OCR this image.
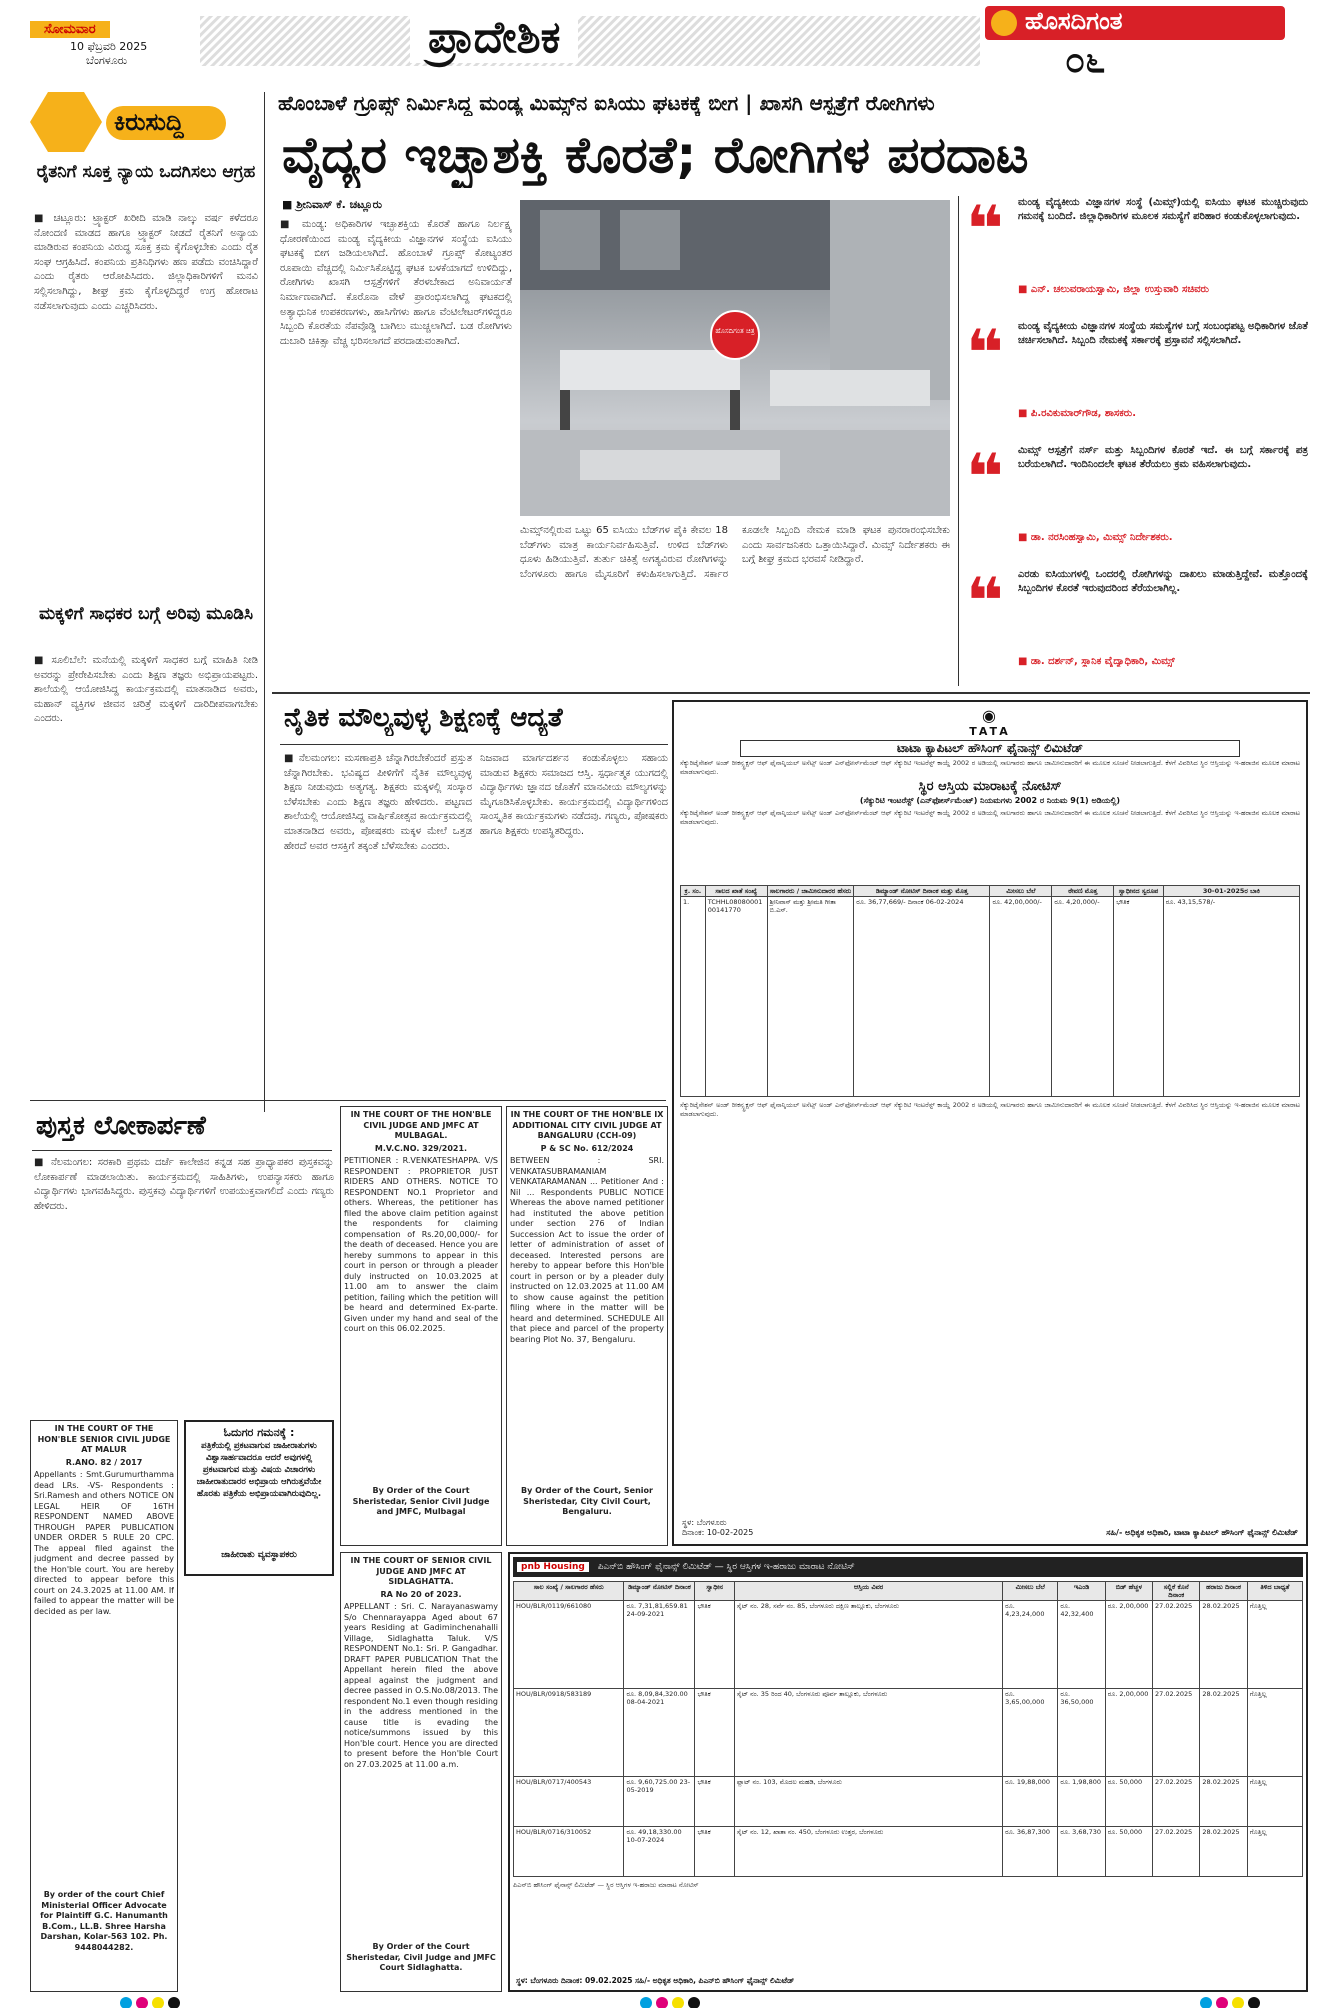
ಸೋಮವಾರ
10 ಫೆಬ್ರವರಿ 2025
ಬೆಂಗಳೂರು	ಪ್ರಾದೇಶಿಕ	ಹೊಸದಿಗಂತ
೦೬
ಕಿರುಸುದ್ದಿ
ರೈತನಿಗೆ ಸೂಕ್ತ ನ್ಯಾಯ ಒದಗಿಸಲು ಆಗ್ರಹ
■ ಚಟ್ಲೂರು: ಟ್ರ್ಯಾಕ್ಟರ್ ಖರೀದಿ ಮಾಡಿ ನಾಲ್ಕು ವರ್ಷ ಕಳೆದರೂ ನೋಂದಣಿ ಮಾಡದ ಹಾಗೂ ಟ್ರ್ಯಾಕ್ಟರ್ ನೀಡದೆ ರೈತನಿಗೆ ಅನ್ಯಾಯ ಮಾಡಿರುವ ಕಂಪನಿಯ ವಿರುದ್ಧ ಸೂಕ್ತ ಕ್ರಮ ಕೈಗೊಳ್ಳಬೇಕು ಎಂದು ರೈತ ಸಂಘ ಆಗ್ರಹಿಸಿದೆ. ಕಂಪನಿಯ ಪ್ರತಿನಿಧಿಗಳು ಹಣ ಪಡೆದು ವಂಚಿಸಿದ್ದಾರೆ ಎಂದು ರೈತರು ಆರೋಪಿಸಿದರು. ಜಿಲ್ಲಾಧಿಕಾರಿಗಳಿಗೆ ಮನವಿ ಸಲ್ಲಿಸಲಾಗಿದ್ದು, ಶೀಘ್ರ ಕ್ರಮ ಕೈಗೊಳ್ಳದಿದ್ದರೆ ಉಗ್ರ ಹೋರಾಟ ನಡೆಸಲಾಗುವುದು ಎಂದು ಎಚ್ಚರಿಸಿದರು.
ಮಕ್ಕಳಿಗೆ ಸಾಧಕರ ಬಗ್ಗೆ ಅರಿವು ಮೂಡಿಸಿ
■ ಸೂಲಿಬೆಲೆ: ಮನೆಯಲ್ಲಿ ಮಕ್ಕಳಿಗೆ ಸಾಧಕರ ಬಗ್ಗೆ ಮಾಹಿತಿ ನೀಡಿ ಅವರನ್ನು ಪ್ರೇರೇಪಿಸಬೇಕು ಎಂದು ಶಿಕ್ಷಣ ತಜ್ಞರು ಅಭಿಪ್ರಾಯಪಟ್ಟರು. ಶಾಲೆಯಲ್ಲಿ ಆಯೋಜಿಸಿದ್ದ ಕಾರ್ಯಕ್ರಮದಲ್ಲಿ ಮಾತನಾಡಿದ ಅವರು, ಮಹಾನ್ ವ್ಯಕ್ತಿಗಳ ಜೀವನ ಚರಿತ್ರೆ ಮಕ್ಕಳಿಗೆ ದಾರಿದೀಪವಾಗಬೇಕು ಎಂದರು.
ಹೊಂಬಾಳೆ ಗ್ರೂಪ್ಸ್ ನಿರ್ಮಿಸಿದ್ದ ಮಂಡ್ಯ ಮಿಮ್ಸ್‌ನ ಐಸಿಯು ಘಟಕಕ್ಕೆ ಬೀಗ | ಖಾಸಗಿ ಆಸ್ಪತ್ರೆಗೆ ರೋಗಿಗಳು
ವೈದ್ಯರ ಇಚ್ಛಾಶಕ್ತಿ ಕೊರತೆ; ರೋಗಿಗಳ ಪರದಾಟ
■ ಶ್ರೀನಿವಾಸ್ ಕೆ. ಚಟ್ಲೂರು
■ ಮಂಡ್ಯ: ಅಧಿಕಾರಿಗಳ ಇಚ್ಛಾಶಕ್ತಿಯ ಕೊರತೆ ಹಾಗೂ ನಿರ್ಲಕ್ಷ್ಯ ಧೋರಣೆಯಿಂದ ಮಂಡ್ಯ ವೈದ್ಯಕೀಯ ವಿಜ್ಞಾನಗಳ ಸಂಸ್ಥೆಯ ಐಸಿಯು ಘಟಕಕ್ಕೆ ಬೀಗ ಜಡಿಯಲಾಗಿದೆ. ಹೊಂಬಾಳೆ ಗ್ರೂಪ್ಸ್ ಕೋಟ್ಯಂತರ ರೂಪಾಯಿ ವೆಚ್ಚದಲ್ಲಿ ನಿರ್ಮಿಸಿಕೊಟ್ಟಿದ್ದ ಘಟಕ ಬಳಕೆಯಾಗದೆ ಉಳಿದಿದ್ದು, ರೋಗಿಗಳು ಖಾಸಗಿ ಆಸ್ಪತ್ರೆಗಳಿಗೆ ತೆರಳಬೇಕಾದ ಅನಿವಾರ್ಯತೆ ನಿರ್ಮಾಣವಾಗಿದೆ. ಕೊರೊನಾ ವೇಳೆ ಪ್ರಾರಂಭಿಸಲಾಗಿದ್ದ ಘಟಕದಲ್ಲಿ ಅತ್ಯಾಧುನಿಕ ಉಪಕರಣಗಳು, ಹಾಸಿಗೆಗಳು ಹಾಗೂ ವೆಂಟಿಲೇಟರ್‌ಗಳಿದ್ದರೂ ಸಿಬ್ಬಂದಿ ಕೊರತೆಯ ನೆಪವೊಡ್ಡಿ ಬಾಗಿಲು ಮುಚ್ಚಲಾಗಿದೆ. ಬಡ ರೋಗಿಗಳು ದುಬಾರಿ ಚಿಕಿತ್ಸಾ ವೆಚ್ಚ ಭರಿಸಲಾಗದೆ ಪರದಾಡುವಂತಾಗಿದೆ.
ಹೊಸದಿಗಂತ ಚಿತ್ರ
ಮಿಮ್ಸ್‌ನಲ್ಲಿರುವ ಒಟ್ಟು 65 ಐಸಿಯು ಬೆಡ್‌ಗಳ ಪೈಕಿ ಕೇವಲ 18 ಬೆಡ್‌ಗಳು ಮಾತ್ರ ಕಾರ್ಯನಿರ್ವಹಿಸುತ್ತಿವೆ. ಉಳಿದ ಬೆಡ್‌ಗಳು ಧೂಳು ಹಿಡಿಯುತ್ತಿವೆ. ತುರ್ತು ಚಿಕಿತ್ಸೆ ಅಗತ್ಯವಿರುವ ರೋಗಿಗಳನ್ನು ಬೆಂಗಳೂರು ಹಾಗೂ ಮೈಸೂರಿಗೆ ಕಳುಹಿಸಲಾಗುತ್ತಿದೆ. ಸರ್ಕಾರ ಕೂಡಲೇ ಸಿಬ್ಬಂದಿ ನೇಮಕ ಮಾಡಿ ಘಟಕ ಪುನರಾರಂಭಿಸಬೇಕು ಎಂದು ಸಾರ್ವಜನಿಕರು ಒತ್ತಾಯಿಸಿದ್ದಾರೆ. ಮಿಮ್ಸ್ ನಿರ್ದೇಶಕರು ಈ ಬಗ್ಗೆ ಶೀಘ್ರ ಕ್ರಮದ ಭರವಸೆ ನೀಡಿದ್ದಾರೆ.
❝ ಮಂಡ್ಯ ವೈದ್ಯಕೀಯ ವಿಜ್ಞಾನಗಳ ಸಂಸ್ಥೆ (ಮಿಮ್ಸ್)ಯಲ್ಲಿ ಐಸಿಯು ಘಟಕ ಮುಚ್ಚಿರುವುದು ಗಮನಕ್ಕೆ ಬಂದಿದೆ. ಜಿಲ್ಲಾಧಿಕಾರಿಗಳ ಮೂಲಕ ಸಮಸ್ಯೆಗೆ ಪರಿಹಾರ ಕಂಡುಕೊಳ್ಳಲಾಗುವುದು.
■ ಎನ್. ಚಲುವರಾಯಸ್ವಾಮಿ, ಜಿಲ್ಲಾ ಉಸ್ತುವಾರಿ ಸಚಿವರು
❝ ಮಂಡ್ಯ ವೈದ್ಯಕೀಯ ವಿಜ್ಞಾನಗಳ ಸಂಸ್ಥೆಯ ಸಮಸ್ಯೆಗಳ ಬಗ್ಗೆ ಸಂಬಂಧಪಟ್ಟ ಅಧಿಕಾರಿಗಳ ಜೊತೆ ಚರ್ಚಿಸಲಾಗಿದೆ. ಸಿಬ್ಬಂದಿ ನೇಮಕಕ್ಕೆ ಸರ್ಕಾರಕ್ಕೆ ಪ್ರಸ್ತಾವನೆ ಸಲ್ಲಿಸಲಾಗಿದೆ.
■ ಪಿ.ರವಿಕುಮಾರ್‌ಗೌಡ, ಶಾಸಕರು.
❝ ಮಿಮ್ಸ್ ಆಸ್ಪತ್ರೆಗೆ ನರ್ಸ್ ಮತ್ತು ಸಿಬ್ಬಂದಿಗಳ ಕೊರತೆ ಇದೆ. ಈ ಬಗ್ಗೆ ಸರ್ಕಾರಕ್ಕೆ ಪತ್ರ ಬರೆಯಲಾಗಿದೆ. ಇಂದಿನಿಂದಲೇ ಘಟಕ ತೆರೆಯಲು ಕ್ರಮ ವಹಿಸಲಾಗುವುದು.
■ ಡಾ. ನರಸಿಂಹಸ್ವಾಮಿ, ಮಿಮ್ಸ್ ನಿರ್ದೇಶಕರು.
❝ ಎರಡು ಐಸಿಯುಗಳಲ್ಲಿ ಒಂದರಲ್ಲಿ ರೋಗಿಗಳನ್ನು ದಾಖಲು ಮಾಡುತ್ತಿದ್ದೇವೆ. ಮತ್ತೊಂದಕ್ಕೆ ಸಿಬ್ಬಂದಿಗಳ ಕೊರತೆ ಇರುವುದರಿಂದ ತೆರೆಯಲಾಗಿಲ್ಲ.
■ ಡಾ. ದರ್ಶನ್, ಸ್ಥಾನಿಕ ವೈದ್ಯಾಧಿಕಾರಿ, ಮಿಮ್ಸ್
ನೈತಿಕ ಮೌಲ್ಯವುಳ್ಳ ಶಿಕ್ಷಣಕ್ಕೆ ಆದ್ಯತೆ
■ ನೆಲಮಂಗಲ: ಮಸಣಾಪ್ರತಿ ಚೆನ್ನಾಗಿರಬೇಕೆಂದರೆ ಪ್ರಸ್ತುತ ಚೆನ್ನಾಗಿರಬೇಕು. ಭವಿಷ್ಯದ ಪೀಳಿಗೆಗೆ ನೈತಿಕ ಮೌಲ್ಯವುಳ್ಳ ಶಿಕ್ಷಣ ನೀಡುವುದು ಅತ್ಯಗತ್ಯ. ಶಿಕ್ಷಕರು ಮಕ್ಕಳಲ್ಲಿ ಸಂಸ್ಕಾರ ಬೆಳೆಸಬೇಕು ಎಂದು ಶಿಕ್ಷಣ ತಜ್ಞರು ಹೇಳಿದರು. ಪಟ್ಟಣದ ಶಾಲೆಯಲ್ಲಿ ಆಯೋಜಿಸಿದ್ದ ವಾರ್ಷಿಕೋತ್ಸವ ಕಾರ್ಯಕ್ರಮದಲ್ಲಿ ಮಾತನಾಡಿದ ಅವರು, ಪೋಷಕರು ಮಕ್ಕಳ ಮೇಲೆ ಒತ್ತಡ ಹೇರದೆ ಅವರ ಆಸಕ್ತಿಗೆ ತಕ್ಕಂತೆ ಬೆಳೆಸಬೇಕು ಎಂದರು.
ನಿಜವಾದ ಮಾರ್ಗದರ್ಶನ ಕಂಡುಕೊಳ್ಳಲು ಸಹಾಯ ಮಾಡುವ ಶಿಕ್ಷಕರು ಸಮಾಜದ ಆಸ್ತಿ. ಸ್ಪರ್ಧಾತ್ಮಕ ಯುಗದಲ್ಲಿ ವಿದ್ಯಾರ್ಥಿಗಳು ಜ್ಞಾನದ ಜೊತೆಗೆ ಮಾನವೀಯ ಮೌಲ್ಯಗಳನ್ನು ಮೈಗೂಡಿಸಿಕೊಳ್ಳಬೇಕು. ಕಾರ್ಯಕ್ರಮದಲ್ಲಿ ವಿದ್ಯಾರ್ಥಿಗಳಿಂದ ಸಾಂಸ್ಕೃತಿಕ ಕಾರ್ಯಕ್ರಮಗಳು ನಡೆದವು. ಗಣ್ಯರು, ಪೋಷಕರು ಹಾಗೂ ಶಿಕ್ಷಕರು ಉಪಸ್ಥಿತರಿದ್ದರು.
◉
TATA
ಟಾಟಾ ಕ್ಯಾಪಿಟಲ್ ಹೌಸಿಂಗ್ ಫೈನಾನ್ಸ್ ಲಿಮಿಟೆಡ್
ಸೆಕ್ಯುರಿಟೈಸೇಶನ್ ಅಂಡ್ ರೀಕನ್ಸ್ಟ್ರಕ್ಷನ್ ಆಫ್ ಫೈನಾನ್ಶಿಯಲ್ ಅಸೆಟ್ಸ್ ಅಂಡ್ ಎನ್‌ಫೋರ್ಸ್‌ಮೆಂಟ್ ಆಫ್ ಸೆಕ್ಯುರಿಟಿ ಇಂಟರೆಸ್ಟ್ ಕಾಯ್ದೆ 2002 ರ ಅಡಿಯಲ್ಲಿ ಸಾಲಗಾರರು ಹಾಗೂ ಜಾಮೀನುದಾರರಿಗೆ ಈ ಮೂಲಕ ಸೂಚನೆ ನೀಡಲಾಗುತ್ತಿದೆ. ಕೆಳಗೆ ವಿವರಿಸಿದ ಸ್ಥಿರ ಆಸ್ತಿಯನ್ನು ಇ-ಹರಾಜಿನ ಮೂಲಕ ಮಾರಾಟ ಮಾಡಲಾಗುವುದು.
ಸ್ಥಿರ ಆಸ್ತಿಯ ಮಾರಾಟಕ್ಕೆ ನೋಟಿಸ್
(ಸೆಕ್ಯುರಿಟಿ ಇಂಟರೆಸ್ಟ್ (ಎನ್‌ಫೋರ್ಸ್‌ಮೆಂಟ್) ನಿಯಮಗಳು 2002 ರ ನಿಯಮ 9(1) ಅಡಿಯಲ್ಲಿ)
ಸೆಕ್ಯುರಿಟೈಸೇಶನ್ ಅಂಡ್ ರೀಕನ್ಸ್ಟ್ರಕ್ಷನ್ ಆಫ್ ಫೈನಾನ್ಶಿಯಲ್ ಅಸೆಟ್ಸ್ ಅಂಡ್ ಎನ್‌ಫೋರ್ಸ್‌ಮೆಂಟ್ ಆಫ್ ಸೆಕ್ಯುರಿಟಿ ಇಂಟರೆಸ್ಟ್ ಕಾಯ್ದೆ 2002 ರ ಅಡಿಯಲ್ಲಿ ಸಾಲಗಾರರು ಹಾಗೂ ಜಾಮೀನುದಾರರಿಗೆ ಈ ಮೂಲಕ ಸೂಚನೆ ನೀಡಲಾಗುತ್ತಿದೆ. ಕೆಳಗೆ ವಿವರಿಸಿದ ಸ್ಥಿರ ಆಸ್ತಿಯನ್ನು ಇ-ಹರಾಜಿನ ಮೂಲಕ ಮಾರಾಟ ಮಾಡಲಾಗುವುದು.
ಕ್ರ. ಸಂ.	ಸಾಲದ ಖಾತೆ ಸಂಖ್ಯೆ	ಸಾಲಗಾರರು / ಜಾಮೀನುದಾರರ ಹೆಸರು	ಡಿಮ್ಯಾಂಡ್ ನೋಟಿಸ್ ದಿನಾಂಕ ಮತ್ತು ಮೊತ್ತ	ಮೀಸಲು ಬೆಲೆ	ಠೇವಣಿ ಮೊತ್ತ	ಸ್ವಾಧೀನದ ಸ್ವರೂಪ	30-01-2025ರ ಬಾಕಿ
1.	TCHHL0808000100141770	ಶ್ರೀನಿವಾಸ್ ಮತ್ತು ಶ್ರೀಮತಿ ಗೀತಾ ಬಿ.ಎಸ್.	ರೂ. 36,77,669/- ದಿನಾಂಕ 06-02-2024	ರೂ. 42,00,000/-	ರೂ. 4,20,000/-	ಭೌತಿಕ	ರೂ. 43,15,578/-
ಸೆಕ್ಯುರಿಟೈಸೇಶನ್ ಅಂಡ್ ರೀಕನ್ಸ್ಟ್ರಕ್ಷನ್ ಆಫ್ ಫೈನಾನ್ಶಿಯಲ್ ಅಸೆಟ್ಸ್ ಅಂಡ್ ಎನ್‌ಫೋರ್ಸ್‌ಮೆಂಟ್ ಆಫ್ ಸೆಕ್ಯುರಿಟಿ ಇಂಟರೆಸ್ಟ್ ಕಾಯ್ದೆ 2002 ರ ಅಡಿಯಲ್ಲಿ ಸಾಲಗಾರರು ಹಾಗೂ ಜಾಮೀನುದಾರರಿಗೆ ಈ ಮೂಲಕ ಸೂಚನೆ ನೀಡಲಾಗುತ್ತಿದೆ. ಕೆಳಗೆ ವಿವರಿಸಿದ ಸ್ಥಿರ ಆಸ್ತಿಯನ್ನು ಇ-ಹರಾಜಿನ ಮೂಲಕ ಮಾರಾಟ ಮಾಡಲಾಗುವುದು.
ಸ್ಥಳ: ಬೆಂಗಳೂರು
ದಿನಾಂಕ: 10-02-2025	ಸಹಿ/- ಅಧಿಕೃತ ಅಧಿಕಾರಿ, ಟಾಟಾ ಕ್ಯಾಪಿಟಲ್ ಹೌಸಿಂಗ್ ಫೈನಾನ್ಸ್ ಲಿಮಿಟೆಡ್
ಪುಸ್ತಕ ಲೋಕಾರ್ಪಣೆ
■ ನೆಲಮಂಗಲ: ಸರಕಾರಿ ಪ್ರಥಮ ದರ್ಜೆ ಕಾಲೇಜಿನ ಕನ್ನಡ ಸಹ ಪ್ರಾಧ್ಯಾಪಕರ ಪುಸ್ತಕವನ್ನು ಲೋಕಾರ್ಪಣೆ ಮಾಡಲಾಯಿತು. ಕಾರ್ಯಕ್ರಮದಲ್ಲಿ ಸಾಹಿತಿಗಳು, ಉಪನ್ಯಾಸಕರು ಹಾಗೂ ವಿದ್ಯಾರ್ಥಿಗಳು ಭಾಗವಹಿಸಿದ್ದರು. ಪುಸ್ತಕವು ವಿದ್ಯಾರ್ಥಿಗಳಿಗೆ ಉಪಯುಕ್ತವಾಗಲಿದೆ ಎಂದು ಗಣ್ಯರು ಹೇಳಿದರು.
IN THE COURT OF THE HON'BLE CIVIL JUDGE AND JMFC AT MULBAGAL.
M.V.C.NO. 329/2021.
PETITIONER : R.VENKATESHAPPA. V/S RESPONDENT : PROPRIETOR JUST RIDERS AND OTHERS. NOTICE TO RESPONDENT NO.1 Proprietor and others. Whereas, the petitioner has filed the above claim petition against the respondents for claiming compensation of Rs.20,00,000/- for the death of deceased. Hence you are hereby summons to appear in this court in person or through a pleader duly instructed on 10.03.2025 at 11.00 am to answer the claim petition, failing which the petition will be heard and determined Ex-parte. Given under my hand and seal of the court on this 06.02.2025.
By Order of the Court Sheristedar, Senior Civil Judge and JMFC, Mulbagal
IN THE COURT OF THE HON'BLE IX ADDITIONAL CITY CIVIL JUDGE AT BANGALURU (CCH-09)
P & SC No. 612/2024
BETWEEN : SRI. VENKATASUBRAMANIAM VENKATARAMANAN ... Petitioner And : Nil ... Respondents PUBLIC NOTICE Whereas the above named petitioner had instituted the above petition under section 276 of Indian Succession Act to issue the order of letter of administration of asset of deceased. Interested persons are hereby to appear before this Hon'ble court in person or by a pleader duly instructed on 12.03.2025 at 11.00 AM to show cause against the petition filing where in the matter will be heard and determined. SCHEDULE All that piece and parcel of the property bearing Plot No. 37, Bengaluru.
By Order of the Court, Senior Sheristedar, City Civil Court, Bengaluru.
IN THE COURT OF THE HON'BLE SENIOR CIVIL JUDGE AT MALUR
R.ANO. 82 / 2017
Appellants : Smt.Gurumurthamma dead LRs. -VS- Respondents : Sri.Ramesh and others NOTICE ON LEGAL HEIR OF 16TH RESPONDENT NAMED ABOVE THROUGH PAPER PUBLICATION UNDER ORDER 5 RULE 20 CPC. The appeal filed against the judgment and decree passed by the Hon'ble court. You are hereby directed to appear before this court on 24.3.2025 at 11.00 AM. If failed to appear the matter will be decided as per law.
By order of the court Chief Ministerial Officer Advocate for Plaintiff G.C. Hanumanth B.Com., LL.B. Shree Harsha Darshan, Kolar-563 102. Ph. 9448044282.
ಓದುಗರ ಗಮನಕ್ಕೆ :
ಪತ್ರಿಕೆಯಲ್ಲಿ ಪ್ರಕಟವಾಗುವ ಜಾಹೀರಾತುಗಳು ವಿಶ್ವಾಸಾರ್ಹವಾದರೂ ಆದರೆ ಅವುಗಳಲ್ಲಿ ಪ್ರಕಟವಾಗುವ ಮತ್ತು ವಿಷಯ ವಿಚಾರಗಳು ಜಾಹೀರಾತುದಾರರ ಅಭಿಪ್ರಾಯ ಆಗಿರುತ್ತವೆಯೇ ಹೊರತು ಪತ್ರಿಕೆಯ ಅಭಿಪ್ರಾಯವಾಗಿರುವುದಿಲ್ಲ.
ಜಾಹೀರಾತು ವ್ಯವಸ್ಥಾಪಕರು
IN THE COURT OF SENIOR CIVIL JUDGE AND JMFC AT SIDLAGHATTA.
RA No 20 of 2023.
APPELLANT : Sri. C. Narayanaswamy S/o Chennarayappa Aged about 67 years Residing at Gadiminchenahalli Village, Sidlaghatta Taluk. V/S RESPONDENT No.1: Sri. P. Gangadhar. DRAFT PAPER PUBLICATION That the Appellant herein filed the above appeal against the judgment and decree passed in O.S.No.08/2013. The respondent No.1 even though residing in the address mentioned in the cause title is evading the notice/summons issued by this Hon'ble court. Hence you are directed to present before the Hon'ble Court on 27.03.2025 at 11.00 a.m.
By Order of the Court Sheristedar, Civil Judge and JMFC Court Sidlaghatta.
pnb Housing ಪಿಎನ್‌ಬಿ ಹೌಸಿಂಗ್ ಫೈನಾನ್ಸ್ ಲಿಮಿಟೆಡ್ — ಸ್ಥಿರ ಆಸ್ತಿಗಳ ಇ-ಹರಾಜು ಮಾರಾಟ ನೋಟಿಸ್
ಸಾಲ ಸಂಖ್ಯೆ / ಸಾಲಗಾರರ ಹೆಸರು	ಡಿಮ್ಯಾಂಡ್ ನೋಟಿಸ್ ದಿನಾಂಕ	ಸ್ವಾಧೀನ	ಆಸ್ತಿಯ ವಿವರ	ಮೀಸಲು ಬೆಲೆ	ಇಎಂಡಿ	ಬಿಡ್ ಹೆಚ್ಚಳ	ಸಲ್ಲಿಕೆ ಕೊನೆ ದಿನಾಂಕ	ಹರಾಜು ದಿನಾಂಕ	ತಿಳಿದ ಬಾಧ್ಯತೆ
HOU/BLR/0119/661080	ರೂ. 7,31,81,659.81 24-09-2021	ಭೌತಿಕ	ಸೈಟ್ ನಂ. 28, ಸರ್ವೆ ನಂ. 85, ಬೆಂಗಳೂರು ದಕ್ಷಿಣ ತಾಲ್ಲೂಕು, ಬೆಂಗಳೂರು	ರೂ. 4,23,24,000	ರೂ. 42,32,400	ರೂ. 2,00,000	27.02.2025	28.02.2025	ಗೊತ್ತಿಲ್ಲ
HOU/BLR/0918/583189	ರೂ. 8,09,84,320.00 08-04-2021	ಭೌತಿಕ	ಸೈಟ್ ನಂ. 35 ರಿಂದ 40, ಬೆಂಗಳೂರು ಪೂರ್ವ ತಾಲ್ಲೂಕು, ಬೆಂಗಳೂರು	ರೂ. 3,65,00,000	ರೂ. 36,50,000	ರೂ. 2,00,000	27.02.2025	28.02.2025	ಗೊತ್ತಿಲ್ಲ
HOU/BLR/0717/400543	ರೂ. 9,60,725.00 23-05-2019	ಭೌತಿಕ	ಫ್ಲಾಟ್ ನಂ. 103, ಮೊದಲ ಮಹಡಿ, ಬೆಂಗಳೂರು	ರೂ. 19,88,000	ರೂ. 1,98,800	ರೂ. 50,000	27.02.2025	28.02.2025	ಗೊತ್ತಿಲ್ಲ
HOU/BLR/0716/310052	ರೂ. 49,18,330.00 10-07-2024	ಭೌತಿಕ	ಸೈಟ್ ನಂ. 12, ಖಾತಾ ನಂ. 450, ಬೆಂಗಳೂರು ಉತ್ತರ, ಬೆಂಗಳೂರು	ರೂ. 36,87,300	ರೂ. 3,68,730	ರೂ. 50,000	27.02.2025	28.02.2025	ಗೊತ್ತಿಲ್ಲ
ಪಿಎನ್‌ಬಿ ಹೌಸಿಂಗ್ ಫೈನಾನ್ಸ್ ಲಿಮಿಟೆಡ್ — ಸ್ಥಿರ ಆಸ್ತಿಗಳ ಇ-ಹರಾಜು ಮಾರಾಟ ನೋಟಿಸ್
ಸ್ಥಳ: ಬೆಂಗಳೂರು ದಿನಾಂಕ: 09.02.2025 ಸಹಿ/- ಅಧಿಕೃತ ಅಧಿಕಾರಿ, ಪಿಎನ್‌ಬಿ ಹೌಸಿಂಗ್ ಫೈನಾನ್ಸ್ ಲಿಮಿಟೆಡ್
